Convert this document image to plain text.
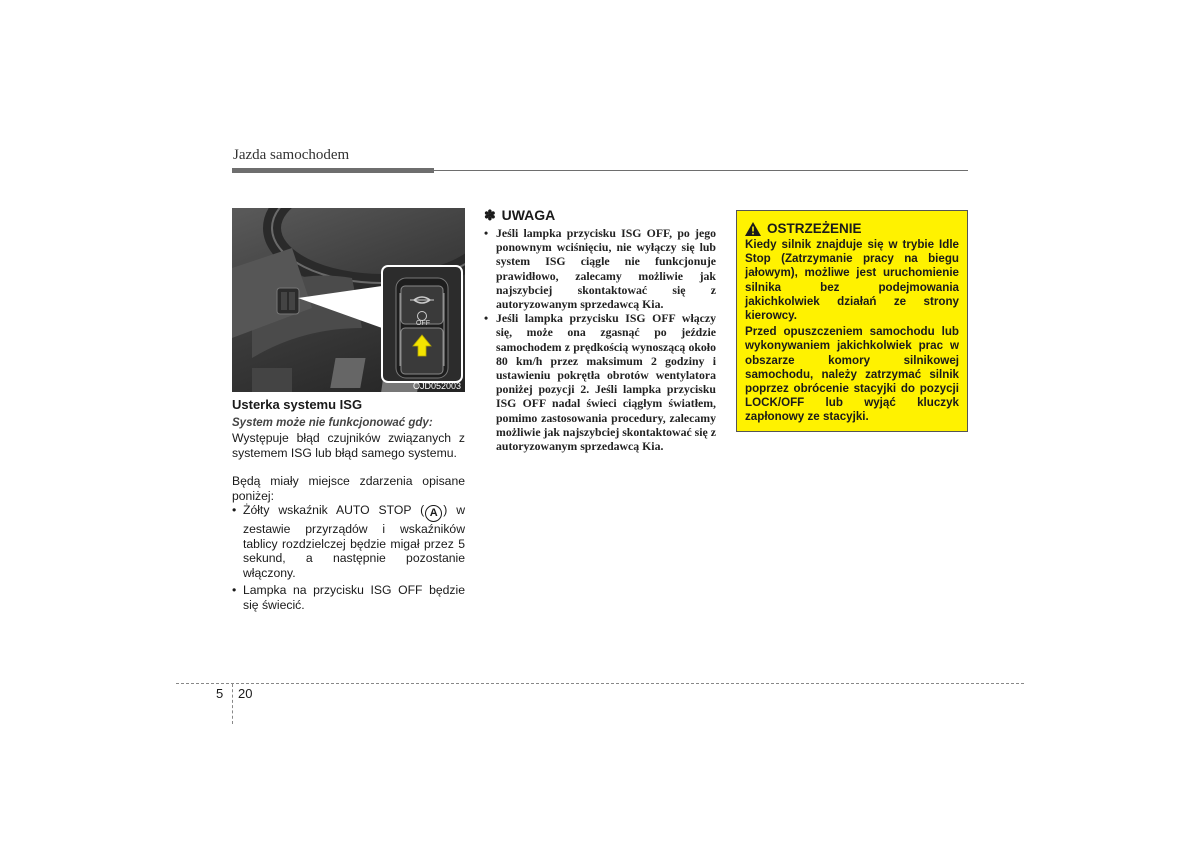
Jazda samochodem
OJD052003
OFF
Usterka systemu ISG
System może nie funkcjonować gdy:

Występuje błąd czujników związanych z systemem ISG lub błąd samego systemu.

Będą miały miejsce zdarzenia opisane poniżej:

• Żółty wskaźnik AUTO STOP ( A ) w zestawie przyrządów i wskaźników tablicy rozdzielczej będzie migał przez 5 sekund, a następnie pozostanie włączony.
• Lampka na przycisku ISG OFF będzie się świecić.
✽ UWAGA
• Jeśli lampka przycisku ISG OFF, po jego ponownym wciśnięciu, nie wyłączy się lub system ISG ciągle nie funkcjonuje prawidłowo, zalecamy możliwie jak najszybciej skontaktować się z autoryzowanym sprzedawcą Kia.
• Jeśli lampka przycisku ISG OFF włączy się, może ona zgasnąć po jeździe samochodem z prędkością wynoszącą około 80 km/h przez maksimum 2 godziny i ustawieniu pokrętła obrotów wentylatora poniżej pozycji 2. Jeśli lampka przycisku ISG OFF nadal świeci ciągłym światłem, pomimo zastosowania procedury, zalecamy możliwie jak najszybciej skontaktować się z autoryzowanym sprzedawcą Kia.
OSTRZEŻENIE

Kiedy silnik znajduje się w trybie Idle Stop (Zatrzymanie pracy na biegu jałowym), możliwe jest uruchomienie silnika bez podejmowania jakichkolwiek działań ze strony kierowcy.

Przed opuszczeniem samochodu lub wykonywaniem jakichkolwiek prac w obszarze komory silnikowej samochodu, należy zatrzymać silnik poprzez obrócenie stacyjki do pozycji LOCK/OFF lub wyjąć kluczyk zapłonowy ze stacyjki.

5 20
